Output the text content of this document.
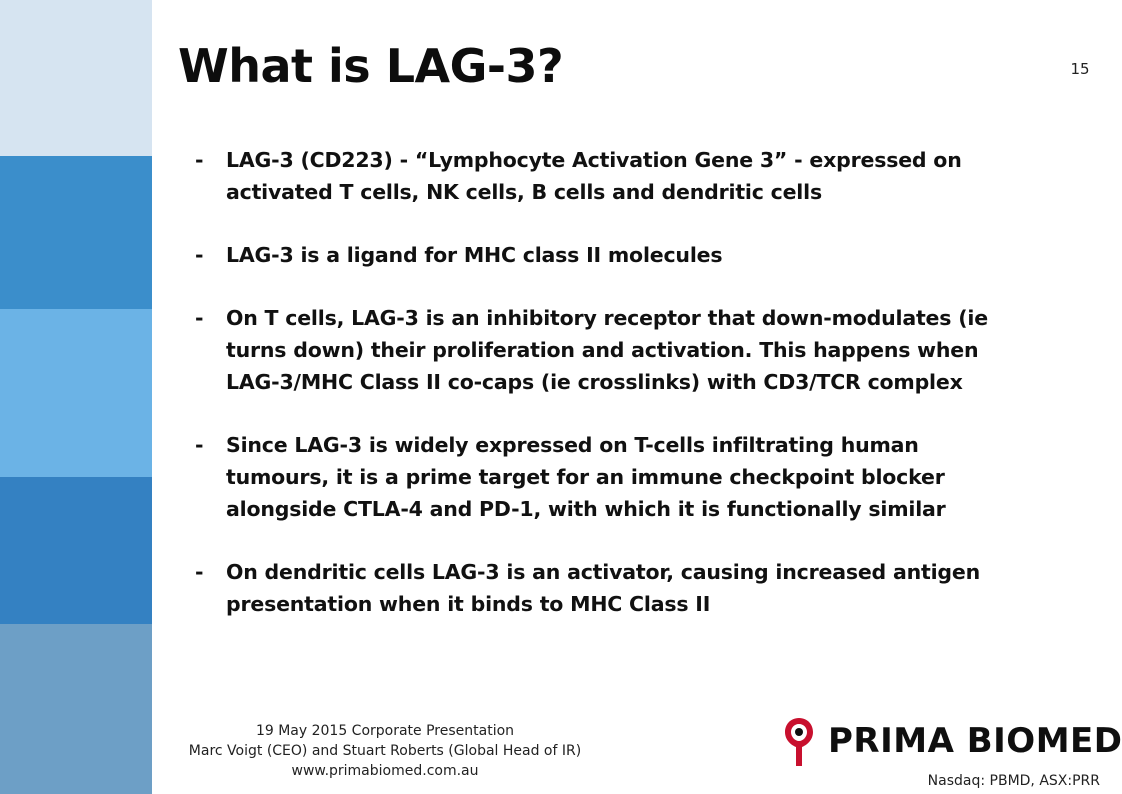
What is LAG-3?	15
- LAG-3 (CD223) - “Lymphocyte Activation Gene 3” - expressed on
activated T cells, NK cells, B cells and dendritic cells
- LAG-3 is a ligand for MHC class II molecules
- On T cells, LAG-3 is an inhibitory receptor that down-modulates (ie
turns down) their proliferation and activation. This happens when
LAG-3/MHC Class II co-caps (ie crosslinks) with CD3/TCR complex
- Since LAG-3 is widely expressed on T-cells infiltrating human
tumours, it is a prime target for an immune checkpoint blocker
alongside CTLA-4 and PD-1, with which it is functionally similar
- On dendritic cells LAG-3 is an activator, causing increased antigen
presentation when it binds to MHC Class II
19 May 2015 Corporate Presentation
Marc Voigt (CEO) and Stuart Roberts (Global Head of IR)
www.primabiomed.com.au
PRIMA BIOMED
Nasdaq: PBMD, ASX:PRR
